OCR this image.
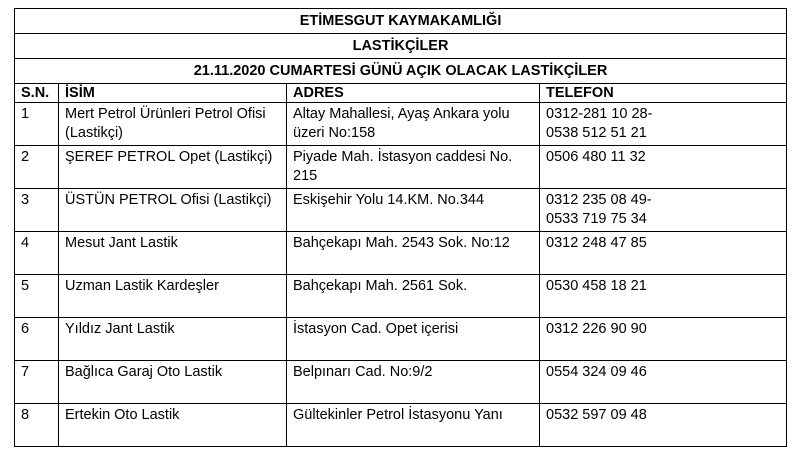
ETİMESGUT KAYMAKAMLIĞI			
LASTİKÇİLER			
21.11.2020 CUMARTESİ GÜNÜ AÇIK OLACAK LASTİKÇİLER			
S.N.	İSİM	ADRES	TELEFON
1	Mert Petrol Ürünleri Petrol Ofisi (Lastikçi)	Altay Mahallesi, Ayaş Ankara yolu üzeri No:158	0312-281 10 28-
0538 512 51 21
2	ŞEREF PETROL Opet (Lastikçi)	Piyade Mah. İstasyon caddesi No. 215	0506 480 11 32
3	ÜSTÜN PETROL Ofisi (Lastikçi)	Eskişehir Yolu 14.KM. No.344	0312 235 08 49-
0533 719 75 34
4	Mesut Jant Lastik	Bahçekapı Mah. 2543 Sok. No:12	0312 248 47 85
5	Uzman Lastik Kardeşler	Bahçekapı Mah. 2561 Sok.	0530 458 18 21
6	Yıldız Jant Lastik	İstasyon Cad. Opet içerisi	0312 226 90 90
7	Bağlıca Garaj Oto Lastik	Belpınarı Cad. No:9/2	0554 324 09 46
8	Ertekin Oto Lastik	Gültekinler Petrol İstasyonu Yanı	0532 597 09 48
